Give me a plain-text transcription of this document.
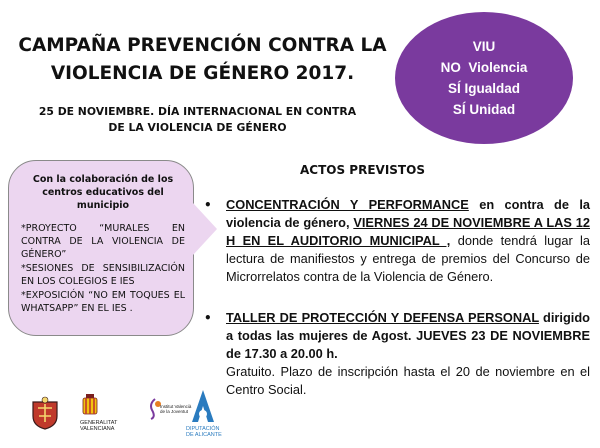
CAMPAÑA PREVENCIÓN CONTRA LA
VIOLENCIA DE GÉNERO 2017.
25 DE NOVIEMBRE. DÍA INTERNACIONAL EN CONTRA
DE LA VIOLENCIA DE GÉNERO
VIU
NO  Violencia
SÍ Igualdad
SÍ Unidad
Con la colaboración de los centros educativos del municipio

*PROYECTO “MURALES EN CONTRA DE LA VIOLENCIA DE GÉNERO”

*SESIONES DE SENSIBILIZACIÓN EN LOS COLEGIOS E IES

*EXPOSICIÓN “NO EM TOQUES EL WHATSAPP” EN EL IES .

ACTOS PREVISTOS
• CONCENTRACIÓN Y PERFORMANCE en contra de la violencia de género, VIERNES 24 DE NOVIEMBRE A LAS 12 H EN EL AUDITORIO MUNICIPAL , donde tendrá lugar la lectura de manifiestos y entrega de premios del Concurso de Microrrelatos contra de la Violencia de Género.
• TALLER DE PROTECCIÓN Y DEFENSA PERSONAL dirigido a todas las mujeres de Agost. JUEVES 23 DE NOVIEMBRE de 17.30 a 20.00 h.
Gratuito. Plazo de inscripción hasta el 20 de noviembre en el Centro Social.
GENERALITAT VALENCIANA
Institut Valencià de la Joventut
DIPUTACIÓN DE ALICANTE
